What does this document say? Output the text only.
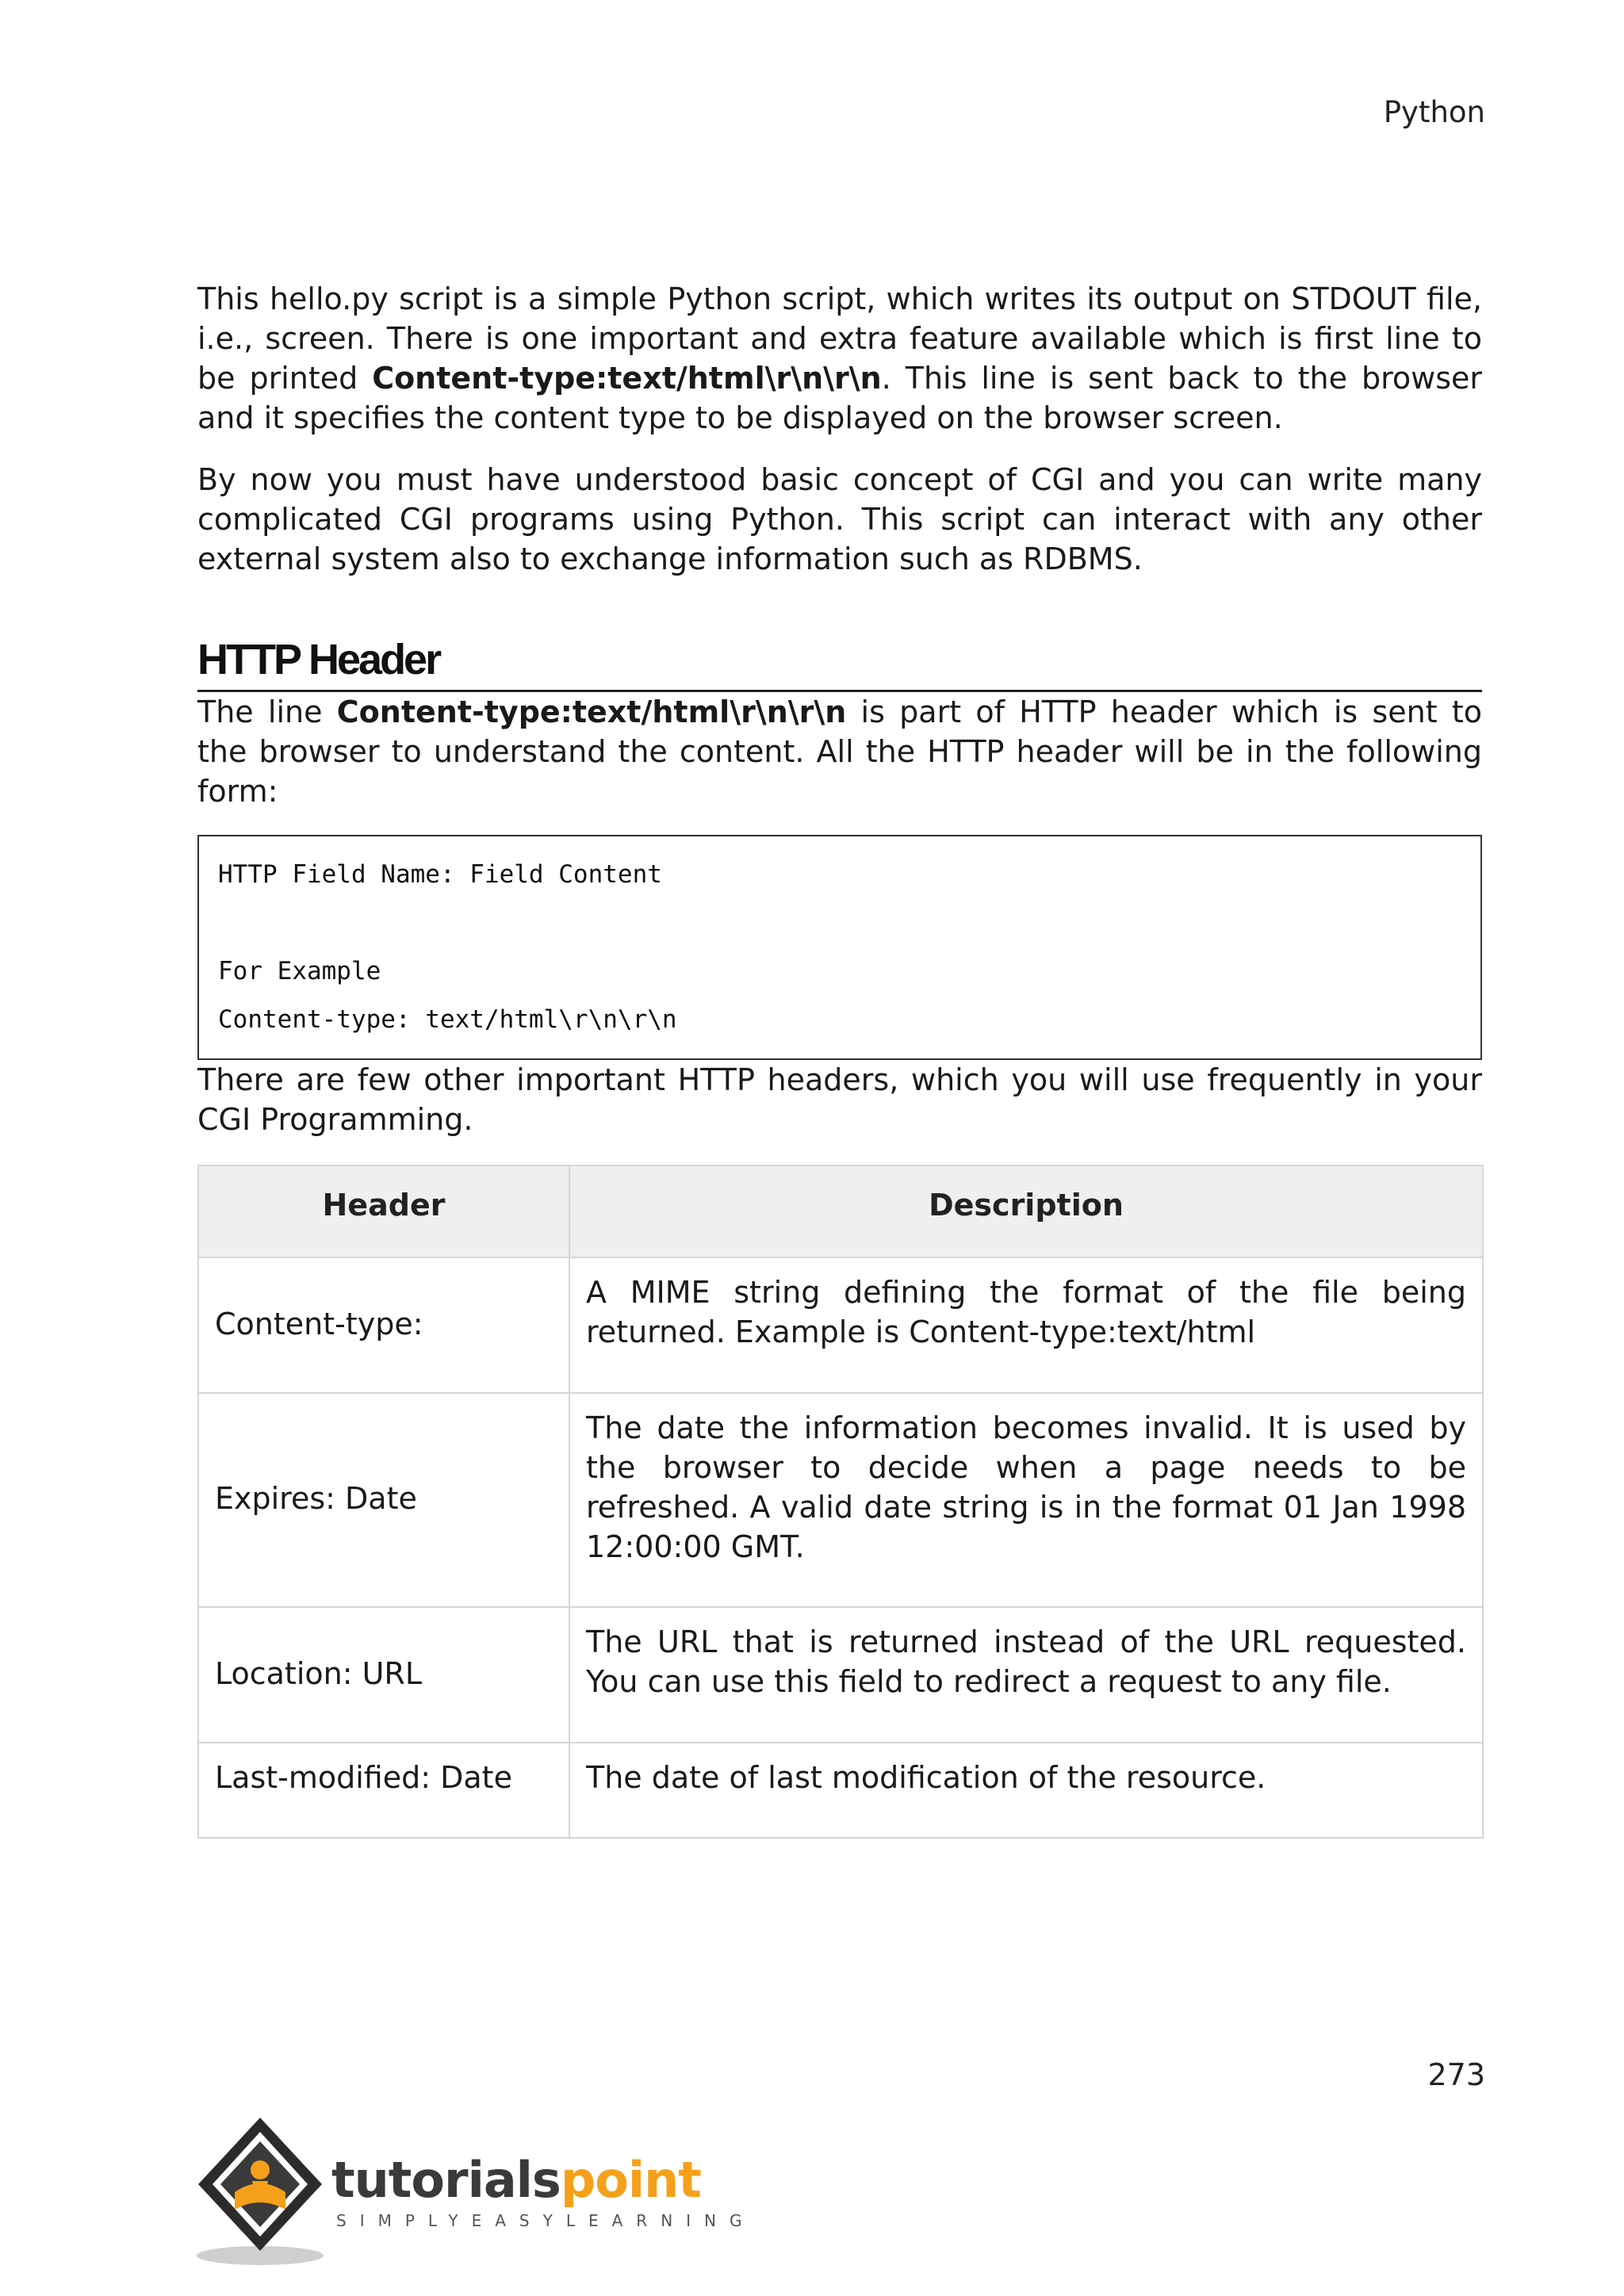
Python

This hello.py script is a simple Python script, which writes its output on STDOUT file, i.e., screen. There is one important and extra feature available which is first line to be printed Content-type:text/html\r\n\r\n. This line is sent back to the browser and it specifies the content type to be displayed on the browser screen.

By now you must have understood basic concept of CGI and you can write many complicated CGI programs using Python. This script can interact with any other external system also to exchange information such as RDBMS.

HTTP Header

The line Content-type:text/html\r\n\r\n is part of HTTP header which is sent to the browser to understand the content. All the HTTP header will be in the following form:

HTTP Field Name: Field Content
For Example
Content-type: text/html\r\n\r\n

There are few other important HTTP headers, which you will use frequently in your CGI Programming.

Header	Description
Content-type:	A MIME string defining the format of the file being returned. Example is Content-type:text/html
Expires: Date	The date the information becomes invalid. It is used by the browser to decide when a page needs to be refreshed. A valid date string is in the format 01 Jan 1998 12:00:00 GMT.
Location: URL	The URL that is returned instead of the URL requested. You can use this field to redirect a request to any file.
Last-modified: Date	The date of last modification of the resource.
273
tutorialspoint
SIMPLYEASYLEARNING
